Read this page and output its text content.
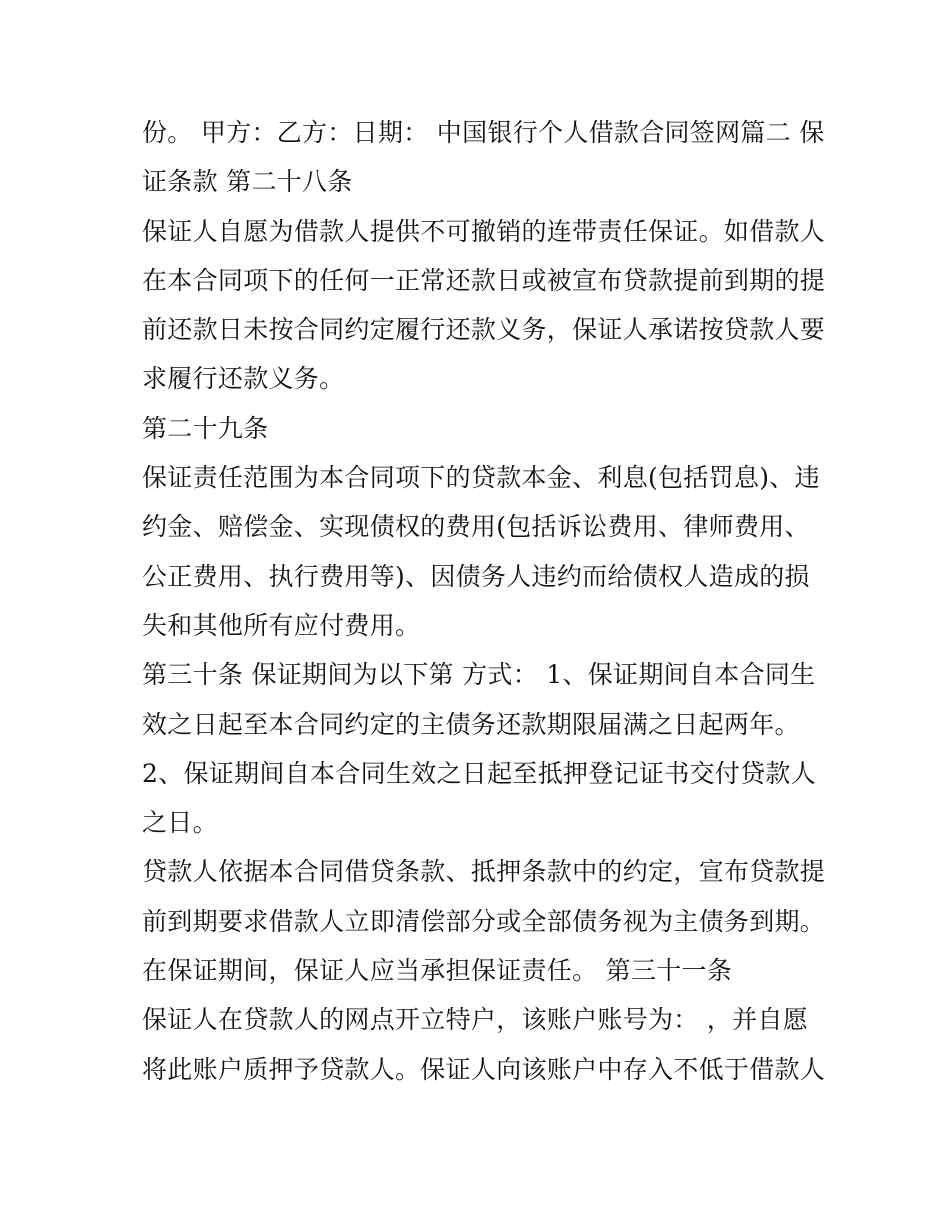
份。 甲方：乙方：日期： 中国银行个人借款合同签网篇二 保
证条款 第二十八条
保证人自愿为借款人提供不可撤销的连带责任保证。如借款人
在本合同项下的任何一正常还款日或被宣布贷款提前到期的提
前还款日未按合同约定履行还款义务，保证人承诺按贷款人要
求履行还款义务。
第二十九条
保证责任范围为本合同项下的贷款本金、利息(包括罚息)、违
约金、赔偿金、实现债权的费用(包括诉讼费用、律师费用、
公正费用、执行费用等)、因债务人违约而给债权人造成的损
失和其他所有应付费用。
第三十条 保证期间为以下第 方式： 1、保证期间自本合同生
效之日起至本合同约定的主债务还款期限届满之日起两年。
2、保证期间自本合同生效之日起至抵押登记证书交付贷款人
之日。
贷款人依据本合同借贷条款、抵押条款中的约定，宣布贷款提
前到期要求借款人立即清偿部分或全部债务视为主债务到期。
在保证期间，保证人应当承担保证责任。 第三十一条
保证人在贷款人的网点开立特户，该账户账号为： ，并自愿
将此账户质押予贷款人。保证人向该账户中存入不低于借款人
